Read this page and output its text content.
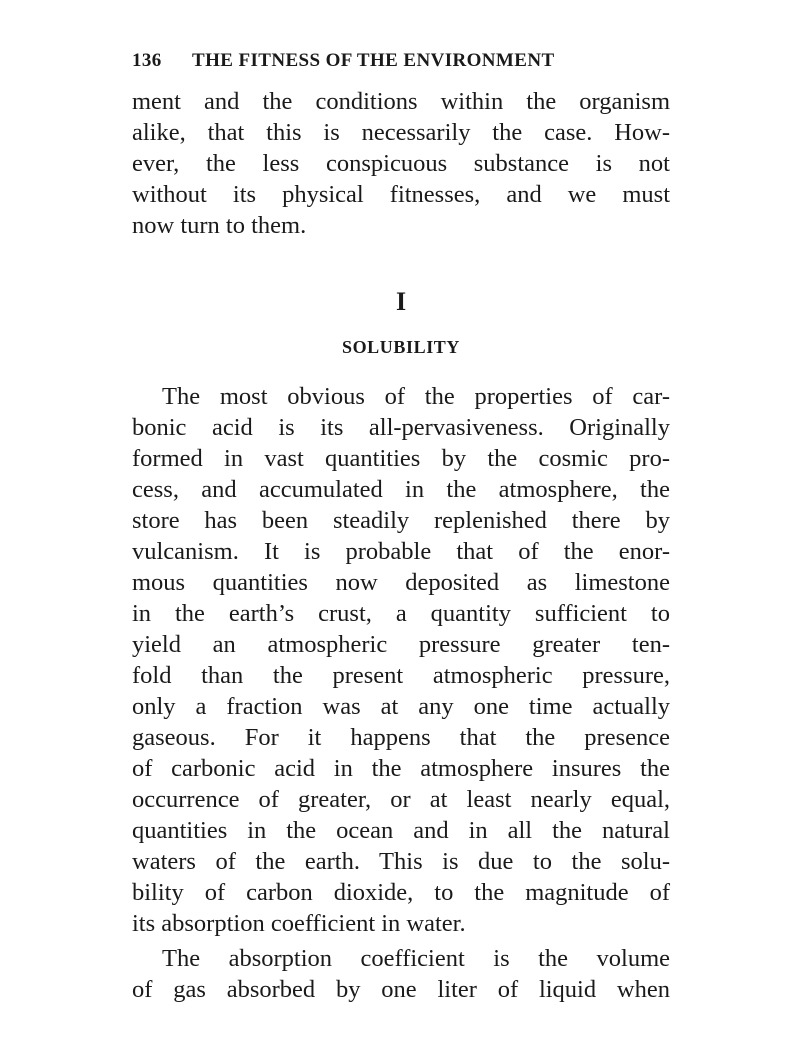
136 THE FITNESS OF THE ENVIRONMENT
ment and the conditions within the organism
alike, that this is necessarily the case. How-
ever, the less conspicuous substance is not
without its physical fitnesses, and we must
now turn to them.
I
SOLUBILITY
The most obvious of the properties of car-
bonic acid is its all-pervasiveness. Originally
formed in vast quantities by the cosmic pro-
cess, and accumulated in the atmosphere, the
store has been steadily replenished there by
vulcanism. It is probable that of the enor-
mous quantities now deposited as limestone
in the earth’s crust, a quantity sufficient to
yield an atmospheric pressure greater ten-
fold than the present atmospheric pressure,
only a fraction was at any one time actually
gaseous. For it happens that the presence
of carbonic acid in the atmosphere insures the
occurrence of greater, or at least nearly equal,
quantities in the ocean and in all the natural
waters of the earth. This is due to the solu-
bility of carbon dioxide, to the magnitude of
its absorption coefficient in water.
The absorption coefficient is the volume
of gas absorbed by one liter of liquid when
